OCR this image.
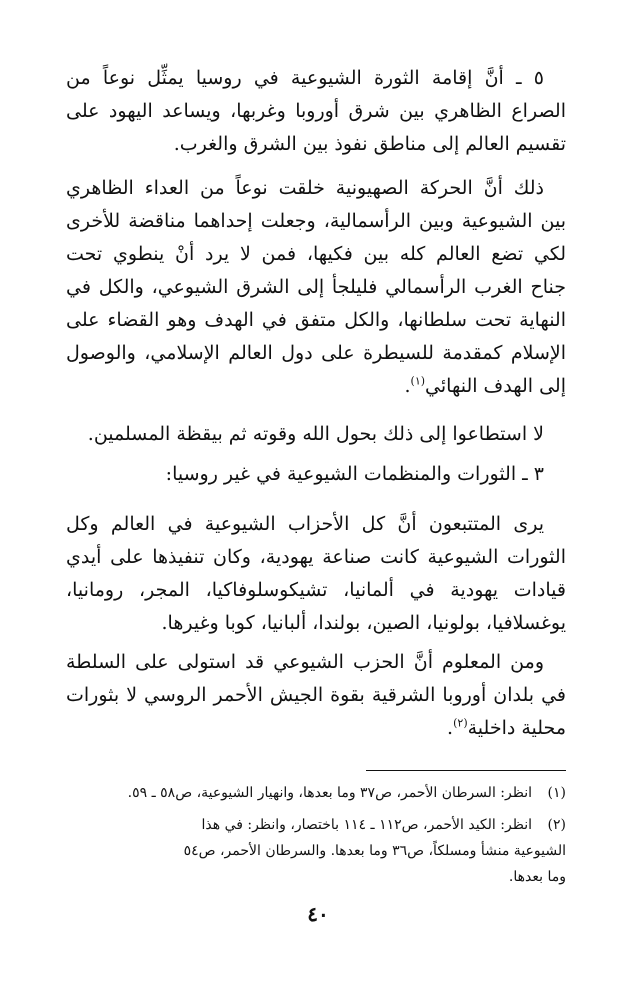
٥ ـ أنَّ إقامة الثورة الشيوعية في روسيا يمثِّل نوعاً من
الصراع الظاهري بين شرق أوروبا وغربها، ويساعد اليهود على
تقسيم العالم إلى مناطق نفوذ بين الشرق والغرب.
ذلك أنَّ الحركة الصهيونية خلقت نوعاً من العداء الظاهري
بين الشيوعية وبين الرأسمالية، وجعلت إحداهما مناقضة للأخرى
لكي تضع العالم كله بين فكيها، فمن لا يرد أنْ ينطوي تحت
جناح الغرب الرأسمالي فليلجأ إلى الشرق الشيوعي، والكل في
النهاية تحت سلطانها، والكل متفق في الهدف وهو القضاء على
الإسلام كمقدمة للسيطرة على دول العالم الإسلامي، والوصول
إلى الهدف النهائي$^{(١)}$.
لا استطاعوا إلى ذلك بحول الله وقوته ثم بيقظة المسلمين.
٣ ـ الثورات والمنظمات الشيوعية في غير روسيا:
يرى المتتبعون أنَّ كل الأحزاب الشيوعية في العالم وكل
الثورات الشيوعية كانت صناعة يهودية، وكان تنفيذها على أيدي
قيادات يهودية في ألمانيا، تشيكوسلوفاكيا، المجر، رومانيا،
يوغسلافيا، بولونيا، الصين، بولندا، ألبانيا، كوبا وغيرها.
ومن المعلوم أنَّ الحزب الشيوعي قد استولى على السلطة
في بلدان أوروبا الشرقية بقوة الجيش الأحمر الروسي لا بثورات
محلية داخلية$^{(٢)}$.
(١)انظر: السرطان الأحمر، ص٣٧ وما بعدها، وانهيار الشيوعية، ص٥٨ ـ ٥٩.
(٢)انظر: الكيد الأحمر، ص١١٢ ـ ١١٤ باختصار، وانظر: في هذا
الشيوعية منشأ ومسلكاً، ص٣٦ وما بعدها. والسرطان الأحمر، ص٥٤
وما بعدها.
٤٠
